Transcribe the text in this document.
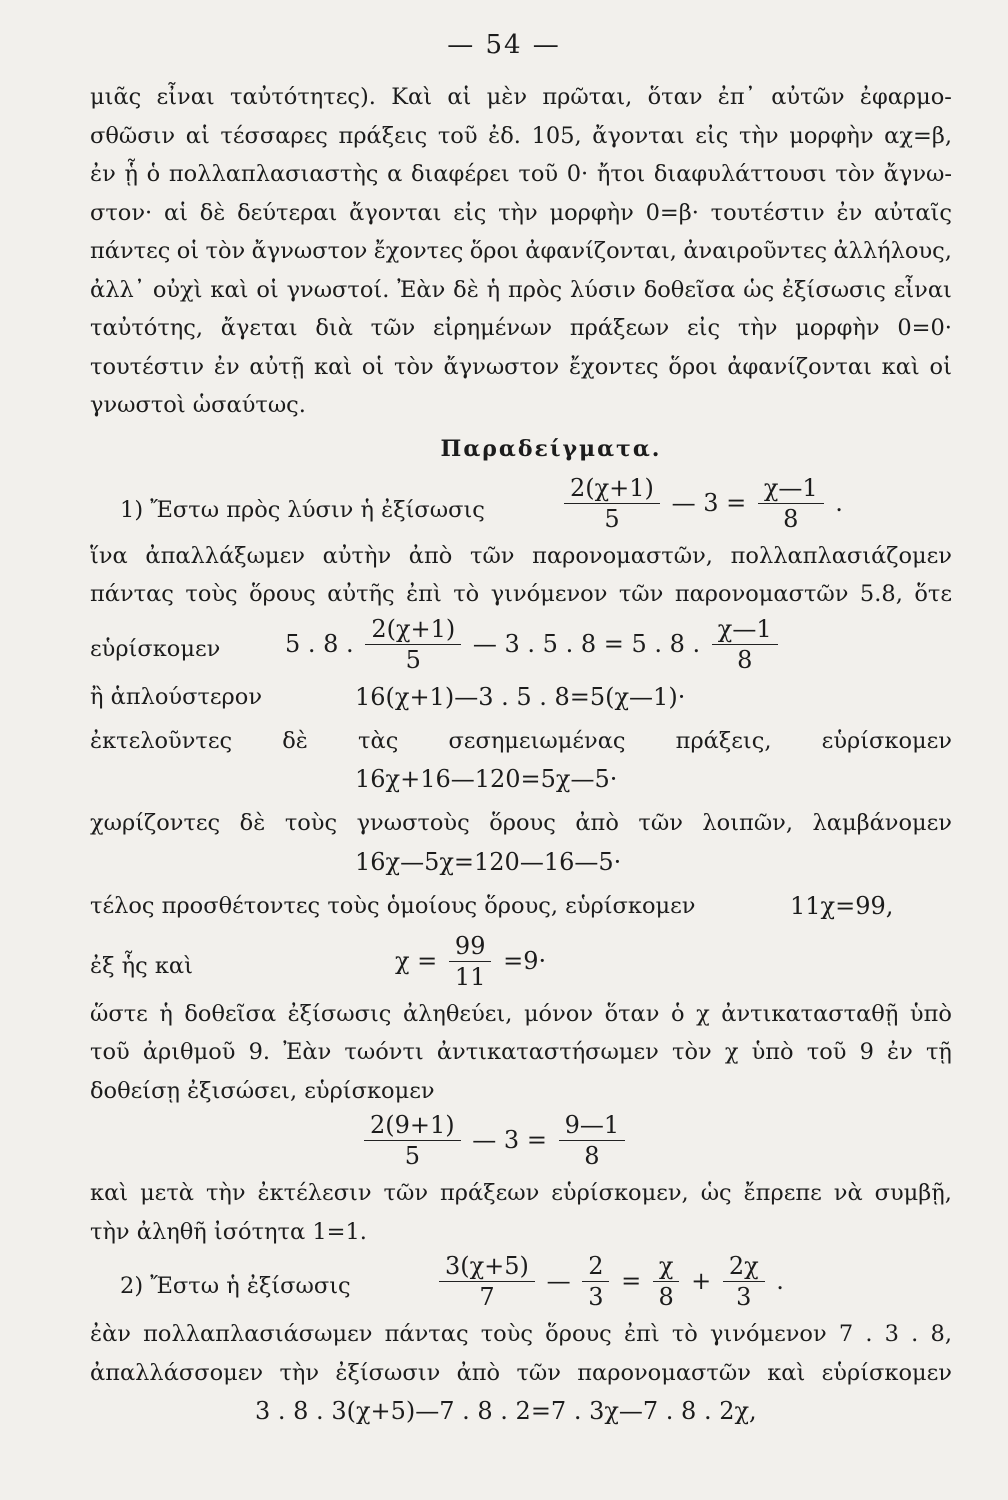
— 54 —
μιᾶς εἶναι ταὐτότητες). Καὶ αἱ μὲν πρῶται, ὅταν ἐπ᾽ αὐτῶν ἐφαρμο-
σθῶσιν αἱ τέσσαρες πράξεις τοῦ ἐδ. 105, ἄγονται εἰς τὴν μορφὴν αχ=β,
ἐν ᾗ ὁ πολλαπλασιαστὴς α διαφέρει τοῦ 0· ἤτοι διαφυλάττουσι τὸν ἄγνω-
στον· αἱ δὲ δεύτεραι ἄγονται εἰς τὴν μορφὴν 0=β· τουτέστιν ἐν αὐταῖς
πάντες οἱ τὸν ἄγνωστον ἔχοντες ὅροι ἀφανίζονται, ἀναιροῦντες ἀλλήλους,
ἀλλ᾽ οὐχὶ καὶ οἱ γνωστοί. Ἐὰν δὲ ἡ πρὸς λύσιν δοθεῖσα ὡς ἐξίσωσις εἶναι
ταὐτότης, ἄγεται διὰ τῶν εἰρημένων πράξεων εἰς τὴν μορφὴν 0=0·
τουτέστιν ἐν αὐτῇ καὶ οἱ τὸν ἄγνωστον ἔχοντες ὅροι ἀφανίζονται καὶ οἱ
γνωστοὶ ὡσαύτως.
Παραδείγματα.
1) Ἔστω πρὸς λύσιν ἡ ἐξίσωσις	$\frac{2(\chi+1)}{5}$ — $3 = \frac{\chi—1}{8}$ .
ἵνα ἀπαλλάξωμεν αὐτὴν ἀπὸ τῶν παρονομαστῶν, πολλαπλασιάζομεν
πάντας τοὺς ὅρους αὐτῆς ἐπὶ τὸ γινόμενον τῶν παρονομαστῶν 5.8, ὅτε
εὑρίσκομεν	5 . 8 . $\frac{2(\chi+1)}{5}$ — 3 . 5 . 8 = 5 . 8 . $\frac{\chi—1}{8}$
ἢ ἁπλούστερον	16(χ+1)—3 . 5 . 8=5(χ—1)·
ἐκτελοῦντες δὲ τὰς σεσημειωμένας πράξεις, εὑρίσκομεν
16χ+16—120=5χ—5·
χωρίζοντες δὲ τοὺς γνωστοὺς ὅρους ἀπὸ τῶν λοιπῶν, λαμβάνομεν
16χ—5χ=120—16—5·
τέλος προσθέτοντες τοὺς ὁμοίους ὅρους, εὑρίσκομεν	11χ=99,
ἐξ ἧς καὶ	$\chi = \frac{99}{11} =9\cdot$
ὥστε ἡ δοθεῖσα ἐξίσωσις ἀληθεύει, μόνον ὅταν ὁ χ ἀντικατασταθῇ ὑπὸ
τοῦ ἀριθμοῦ 9. Ἐὰν τωόντι ἀντικαταστήσωμεν τὸν χ ὑπὸ τοῦ 9 ἐν τῇ
δοθείσῃ ἐξισώσει, εὑρίσκομεν
$\frac{2(9+1)}{5}$ — $3 = \frac{9—1}{8}$
καὶ μετὰ τὴν ἐκτέλεσιν τῶν πράξεων εὑρίσκομεν, ὡς ἔπρεπε νὰ συμβῇ,
τὴν ἀληθῆ ἰσότητα 1=1.
2) Ἔστω ἡ ἐξίσωσις	$\frac{3(\chi+5)}{7}$ — $\frac{2}{3} = \frac{\chi}{8} + \frac{2\chi}{3}$ .
ἐὰν πολλαπλασιάσωμεν πάντας τοὺς ὅρους ἐπὶ τὸ γινόμενον 7 . 3 . 8,
ἀπαλλάσσομεν τὴν ἐξίσωσιν ἀπὸ τῶν παρονομαστῶν καὶ εὑρίσκομεν
3 . 8 . 3(χ+5)—7 . 8 . 2=7 . 3χ—7 . 8 . 2χ,
